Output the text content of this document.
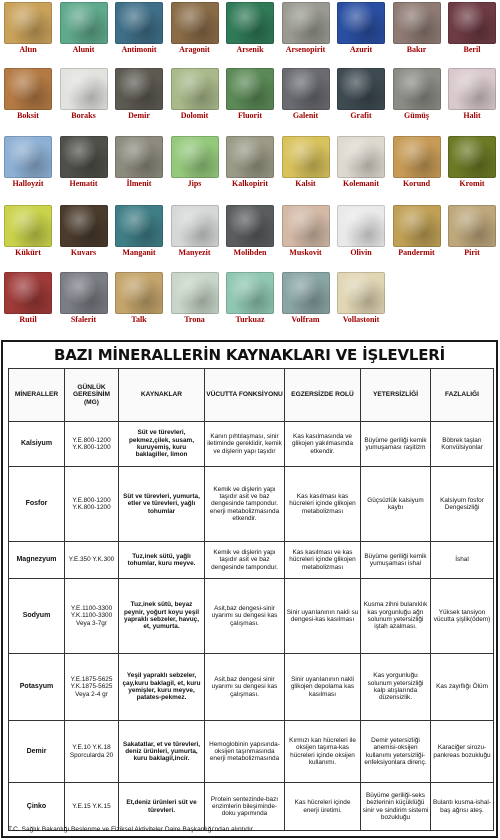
Altın	Alunit	Antimonit	Aragonit	Arsenik	Arsenopirit	Azurit	Bakır	Beril
Boksit	Boraks	Demir	Dolomit	Fluorit	Galenit	Grafit	Gümüş	Halit
Halloyzit	Hematit	İlmenit	Jips	Kalkopirit	Kalsit	Kolemanit	Korund	Kromit
Kükürt	Kuvars	Manganit	Manyezit	Molibden	Muskovit	Olivin	Pandermit	Pirit
Rutil	Sfalerit	Talk	Trona	Turkuaz	Volfram	Vollastonit
BAZI MİNERALLERİN KAYNAKLARI VE İŞLEVLERİ
MİNERALLER	GÜNLÜK GERESİNİM (MG)	KAYNAKLAR	VÜCUTTA FONKSİYONU	EGZERSİZDE ROLÜ	YETERSİZLİĞİ	FAZLALIĞI
Kalsiyum	Y.E.800-1200 Y.K.800-1200	Süt ve türevleri, pekmez,çilek, susam, kuruyemiş, kuru baklagiller, limon	Kanın pıhtılaşması, sinir iletiminde gereklidir, kemik ve dişlerin yapı taşıdır	Kas kasılmasında ve glikojen yakılmasında etkendir.	Büyüme geriliği kemik yumuşaması raşitizm	Böbrek taşları Konvülsiyonlar
Fosfor	Y.E.800-1200 Y.K.800-1200	Süt ve türevleri, yumurta, etler ve türevleri, yağlı tohumlar	Kemik ve dişlerin yapı taşıdır asit ve baz dengesinde tampondur. enerji metabolizmasında etkendir.	Kas kasılması kas hücreleri içinde glikojen metabolizması	Güçsüzlük kalsiyum kaybı	Kalsiyum fosfor Dengesizliği
Magnezyum	Y.E.350 Y.K.300	Tuz,inek sütü, yağlı tohumlar, kuru meyve.	Kemik ve dişlerin yapı taşıdır asit ve baz dengesinde tampondur.	Kas kasılması ve kas hücreleri içinde glikojen metabolizması	Büyüme geriliği kemik yumuşaması ishal	İshal
Sodyum	Y.E.1100-3300 Y.K.1100-3300 Veya 3-7gr	Tuz,inek sütü, beyaz peynir, yoğurt koyu yeşil yapraklı sebzeler, havuç, et, yumurta.	Asit,baz dengesi-sinir uyarımı su dengesi kas çalışması.	Sinir uyarılanının nakli su dengesi-kas kasılması	Kusma zihni bulanıklık kas yorgunluğu ağrı solunum yetersizliği iştah azalması.	Yüksek tansiyon vücutta şişlik(ödem)
Potasyum	Y.E.1875-5625 Y.K.1875-5625 Veya 2-4 gr	Yeşil yapraklı sebzeler, çay,kuru baklagil, et, kuru yemişler, kuru meyve, patates-pekmez.	Asit,baz dengesi sinir uyarımı su dengesi kas çalışması.	Sinir uyarılanının nakli glikojen depolama kas kasılması	Kas yorgunluğu solunum yetersizliği kalp atışlarında düzensizlik.	Kas zayıflığı Ölüm
Demir	Y.E.10 Y.K.18 Sporcularda 20	Sakatatlar, et ve türevleri, deniz ürünleri, yumurta, kuru baklagil,incir.	Hemoglobinin yapısında-oksijen taşınmasında enerji metabolizmasında	Kırmızı kan hücreleri ile oksijen taşıma-kas hücreleri içinde oksijen kullanımı.	Demir yetersizliği anemisi-oksijen kullanımı yetersizliği-enfeksiyonlara direnç.	Karaciğer sirozu-pankreas bozukluğu
Çinko	Y.E.15 Y.K.15	Et,deniz ürünleri süt ve türevleri.	Protein sentezinde-bazı enzimlerin bileşiminde-doku yapımında	Kas hücreleri içinde enerji üretimi.	Büyüme geriliği-seks bezlerinin küçüklüğü sinir ve sindirim sistemi bozukluğu	Bulantı kusma-ishal-baş ağrısı ateş.
T.C. Sağlık Bakanlığı Beslenme ve Fiziksel Aktiviteler Daire Başkanlığı'ndan alıntıdır.
